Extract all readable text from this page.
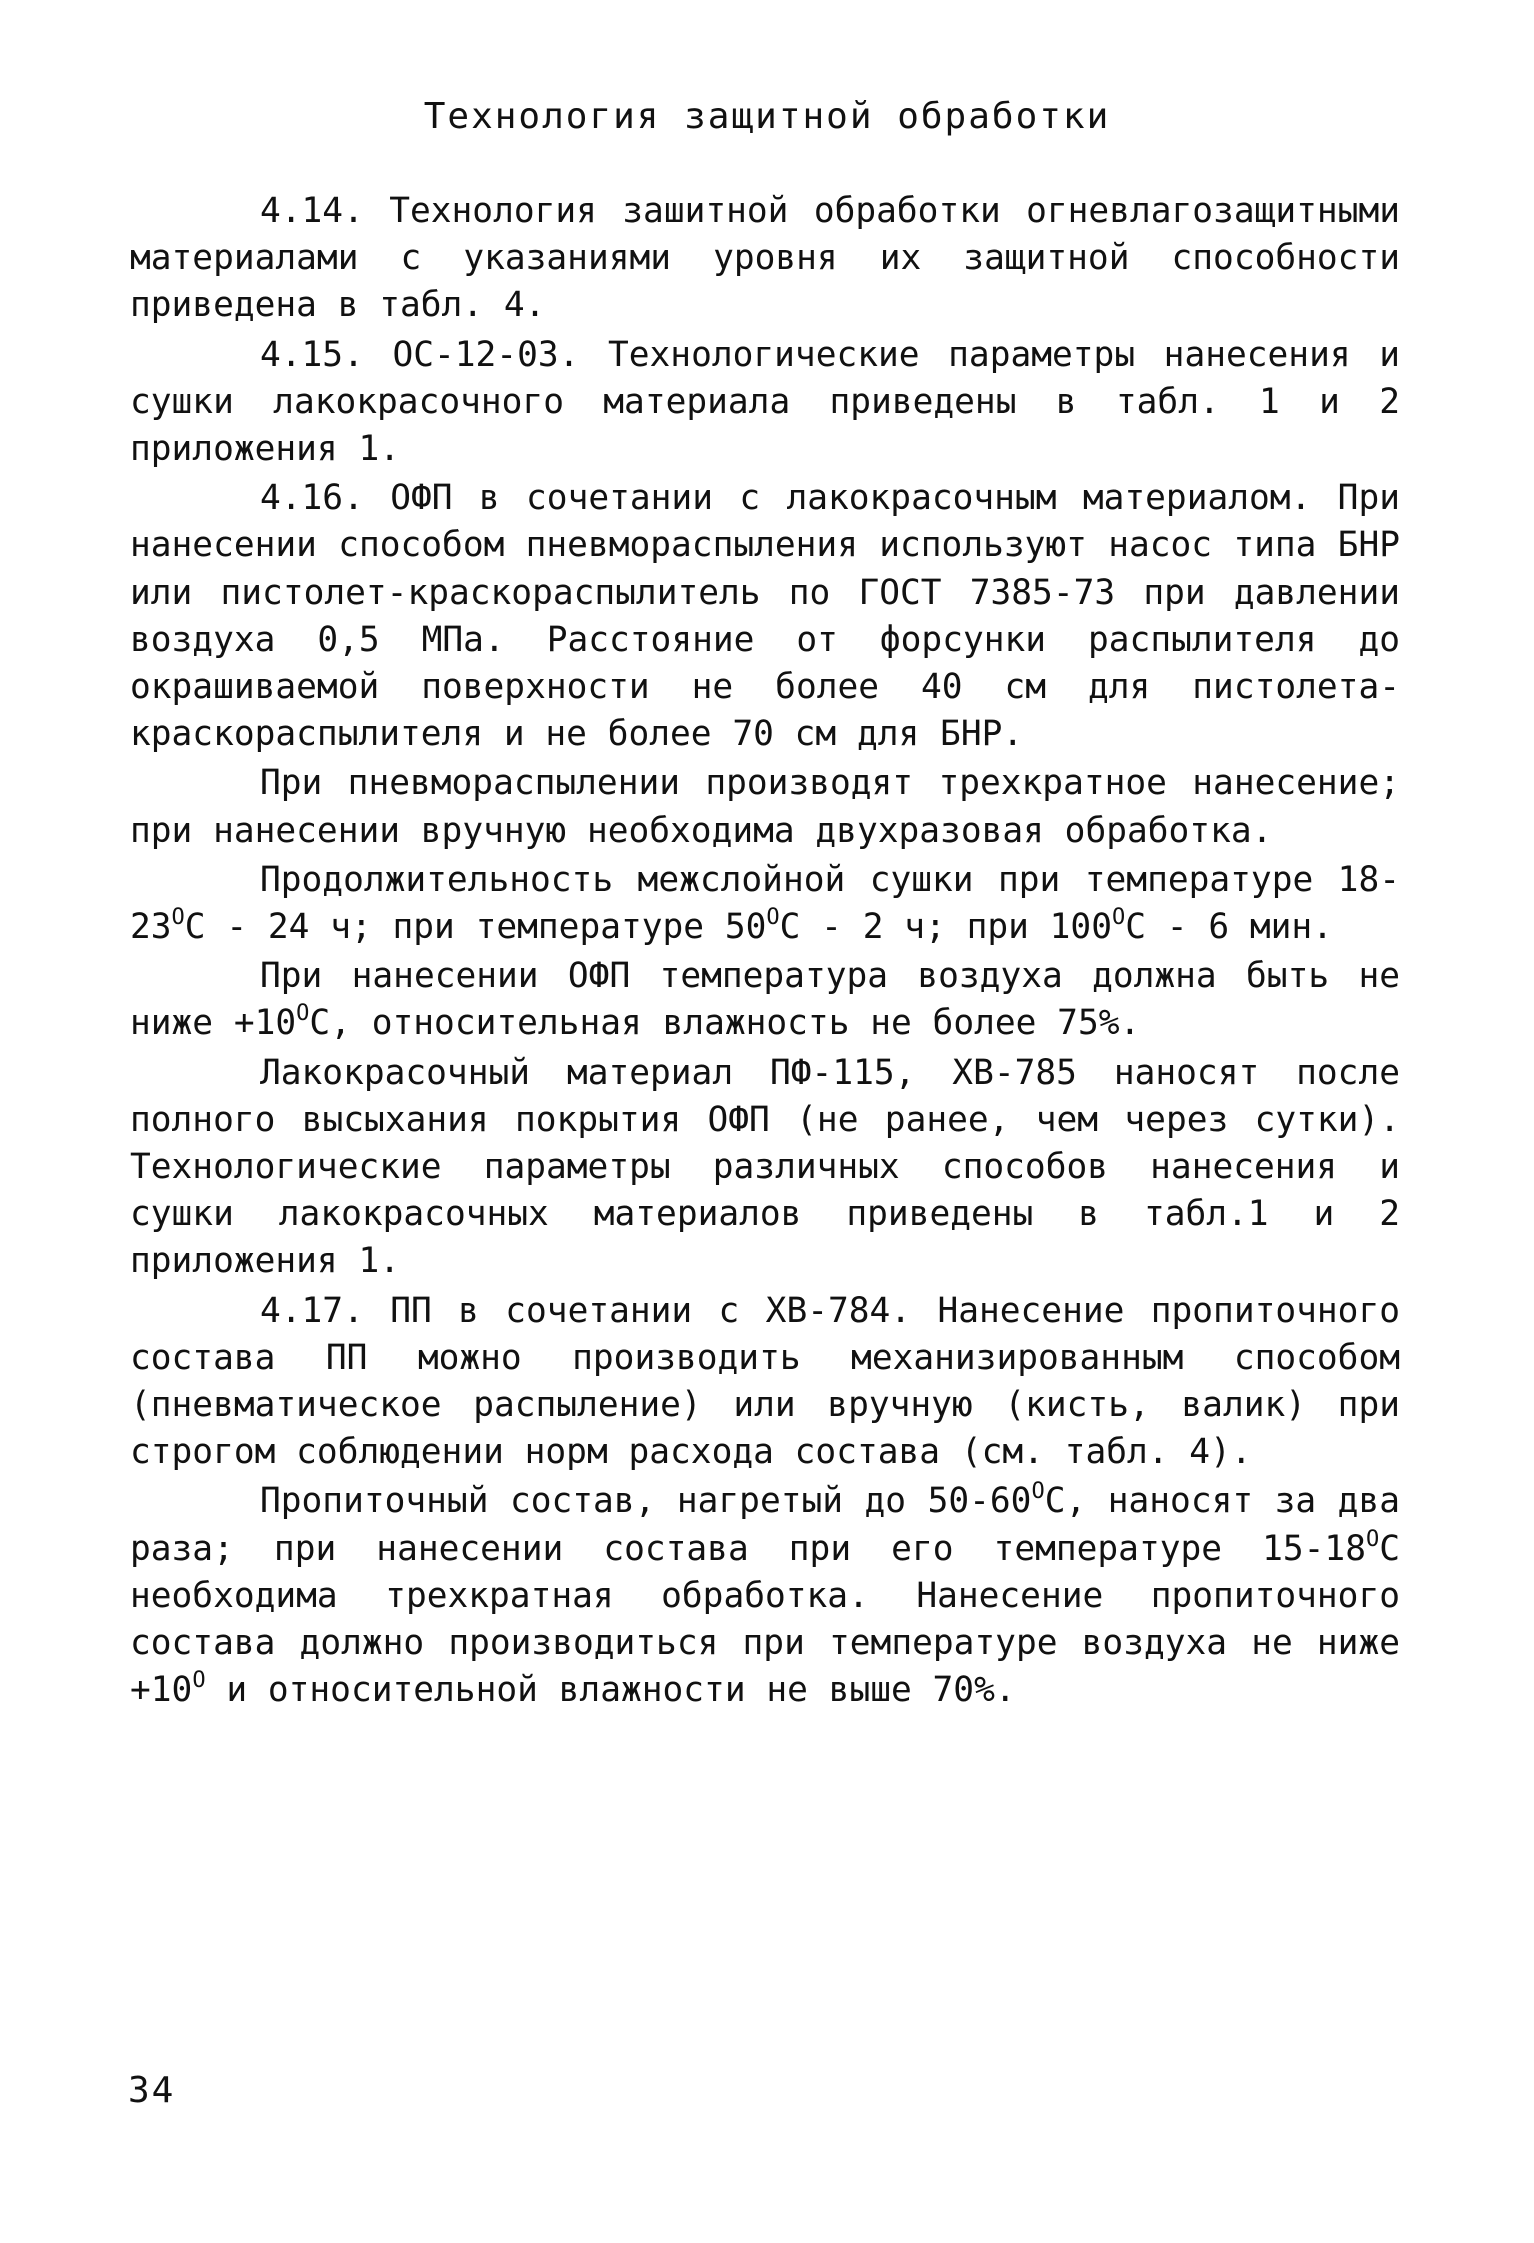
Технология защитной обработки

4.14. Технология зашитной обработки огневлагозащитными материалами с указаниями уровня их защитной способности приведена в табл. 4.

4.15. ОС-12-03. Технологические параметры нанесения и сушки лакокрасочного материала приведены в табл. 1 и 2 приложения 1.

4.16. ОФП в сочетании с лакокрасочным материалом. При нанесении способом пневмораспыления используют насос типа БНР или пистолет-краскораспылитель по ГОСТ 7385-73 при давлении воздуха 0,5 МПа. Расстояние от форсунки распылителя до окрашиваемой поверхности не более 40 см для пистолета-краскораспылителя и не более 70 см для БНР.

При пневмораспылении производят трехкратное нанесение; при нанесении вручную необходима двухразовая обработка.

Продолжительность межслойной сушки при температуре $18-23^ОС - 24$ ч; при температуре $50^ОС - 2$ ч; при $100^ОС - 6$ мин.

При нанесении ОФП температура воздуха должна быть не ниже $+10^ОС$, относительная влажность не более 75%.

Лакокрасочный материал ПФ-115, ХВ-785 наносят после полного высыхания покрытия ОФП (не ранее, чем через сутки). Технологические параметры различных способов нанесения и сушки лакокрасочных материалов приведены в табл.1 и 2 приложения 1.

4.17. ПП в сочетании с ХВ-784. Нанесение пропиточного состава ПП можно производить механизированным способом (пневматическое распыление) или вручную (кисть, валик) при строгом соблюдении норм расхода состава (см. табл. 4).

Пропиточный состав, нагретый до $50-60^ОС$, наносят за два раза; при нанесении состава при его температуре $15-18^ОС$ необходима трехкратная обработка. Нанесение пропиточного состава должно производиться при температуре воздуха не ниже $+10^О$ и относительной влажности не выше 70%.

34
